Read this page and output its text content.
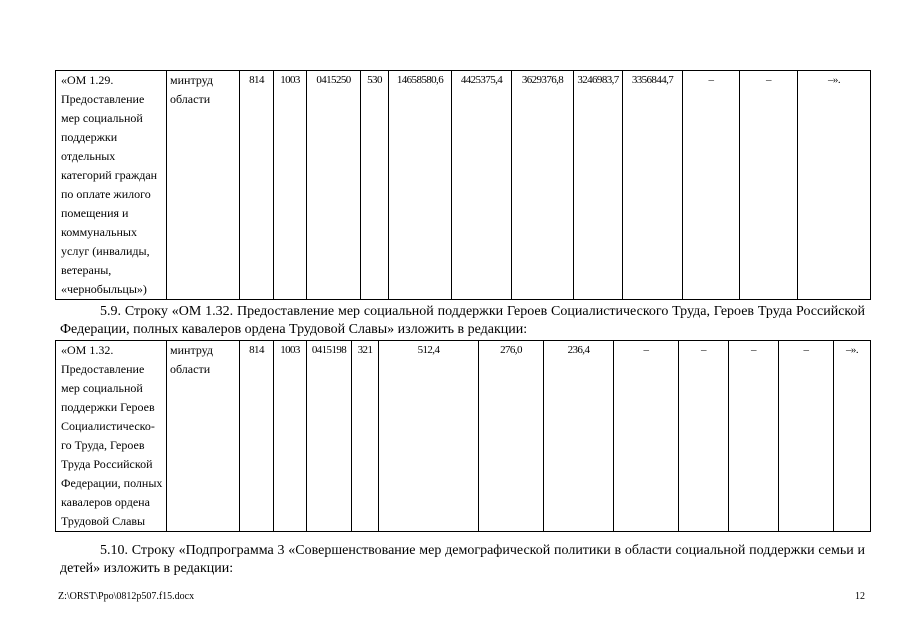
«ОМ 1.29. Предоставление мер социальной поддержки отдельных категорий граждан по оплате жилого помещения и коммунальных услуг (инвалиды, ветераны, «чернобыльцы»)	минтруд области	814	1003	0415250	530	14658580,6	4425375,4	3629376,8	3246983,7	3356844,7	–	–	–».

5.9. Строку «ОМ 1.32. Предоставление мер социальной поддержки Героев Социалистического Труда, Героев Труда Российской Федерации, полных кавалеров ордена Трудовой Славы» изложить в редакции:

«ОМ 1.32. Предоставление мер социальной поддержки Героев Социалистическо-го Труда, Героев Труда Российской Федерации, полных кавалеров ордена Трудовой Славы	минтруд области	814	1003	0415198	321	512,4	276,0	236,4	–	–	–	–	–».

5.10. Строку «Подпрограмма 3 «Совершенствование мер демографической политики в области социальной поддержки семьи и детей» изложить в редакции:

Z:\ORST\Ppo\0812p507.f15.docx	12
